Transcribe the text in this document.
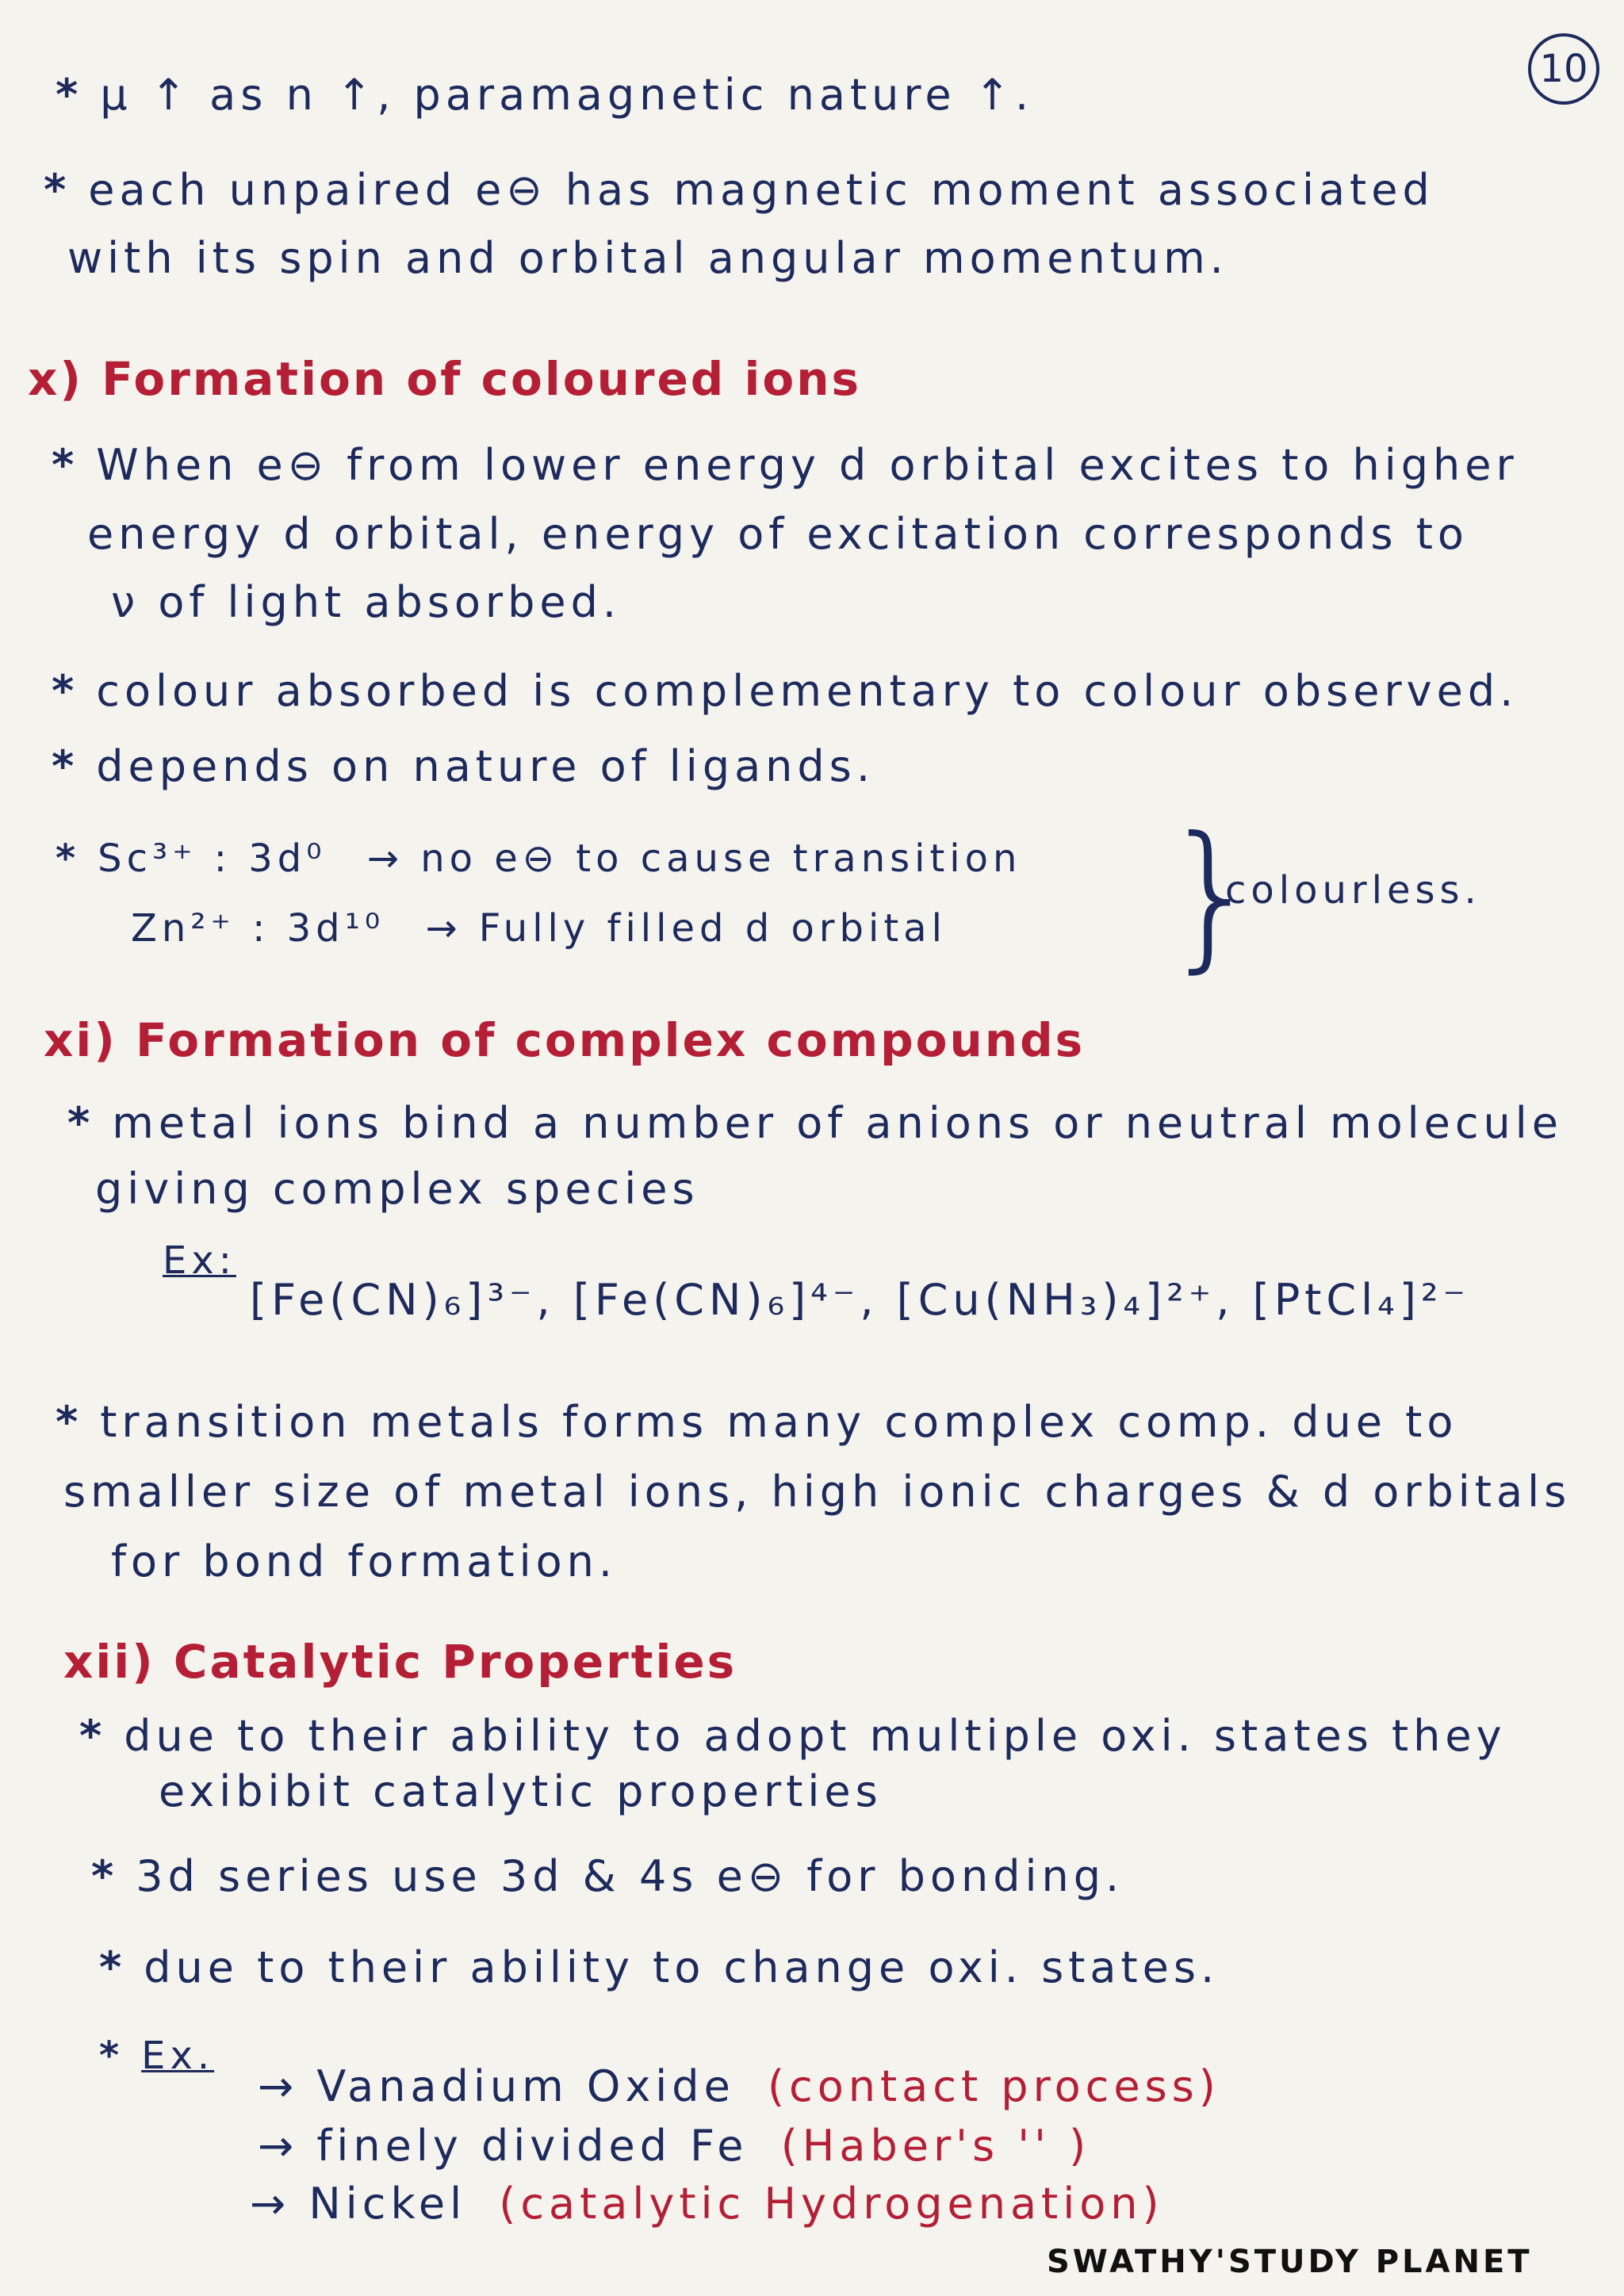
10
* μ ↑ as n ↑, paramagnetic nature ↑.
* each unpaired e⊖ has magnetic moment associated
with its spin and orbital angular momentum.
x) Formation of coloured ions
* When e⊖ from lower energy d orbital excites to higher
energy d orbital, energy of excitation corresponds to
ν of light absorbed.
* colour absorbed is complementary to colour observed.
* depends on nature of ligands.
* Sc³⁺ : 3d⁰ → no e⊖ to cause transition
Zn²⁺ : 3d¹⁰ → Fully filled d orbital }
colourless.
xi) Formation of complex compounds
* metal ions bind a number of anions or neutral molecule
giving complex species
Ex:
[Fe(CN)₆]³⁻, [Fe(CN)₆]⁴⁻, [Cu(NH₃)₄]²⁺, [PtCl₄]²⁻
* transition metals forms many complex comp. due to
smaller size of metal ions, high ionic charges & d orbitals
for bond formation.
xii) Catalytic Properties
* due to their ability to adopt multiple oxi. states they
exibibit catalytic properties
* 3d series use 3d & 4s e⊖ for bonding.
* due to their ability to change oxi. states.
* Ex.
→ Vanadium Oxide (contact process)
→ finely divided Fe (Haber's '' )
→ Nickel (catalytic Hydrogenation)
SWATHY'STUDY PLANET
